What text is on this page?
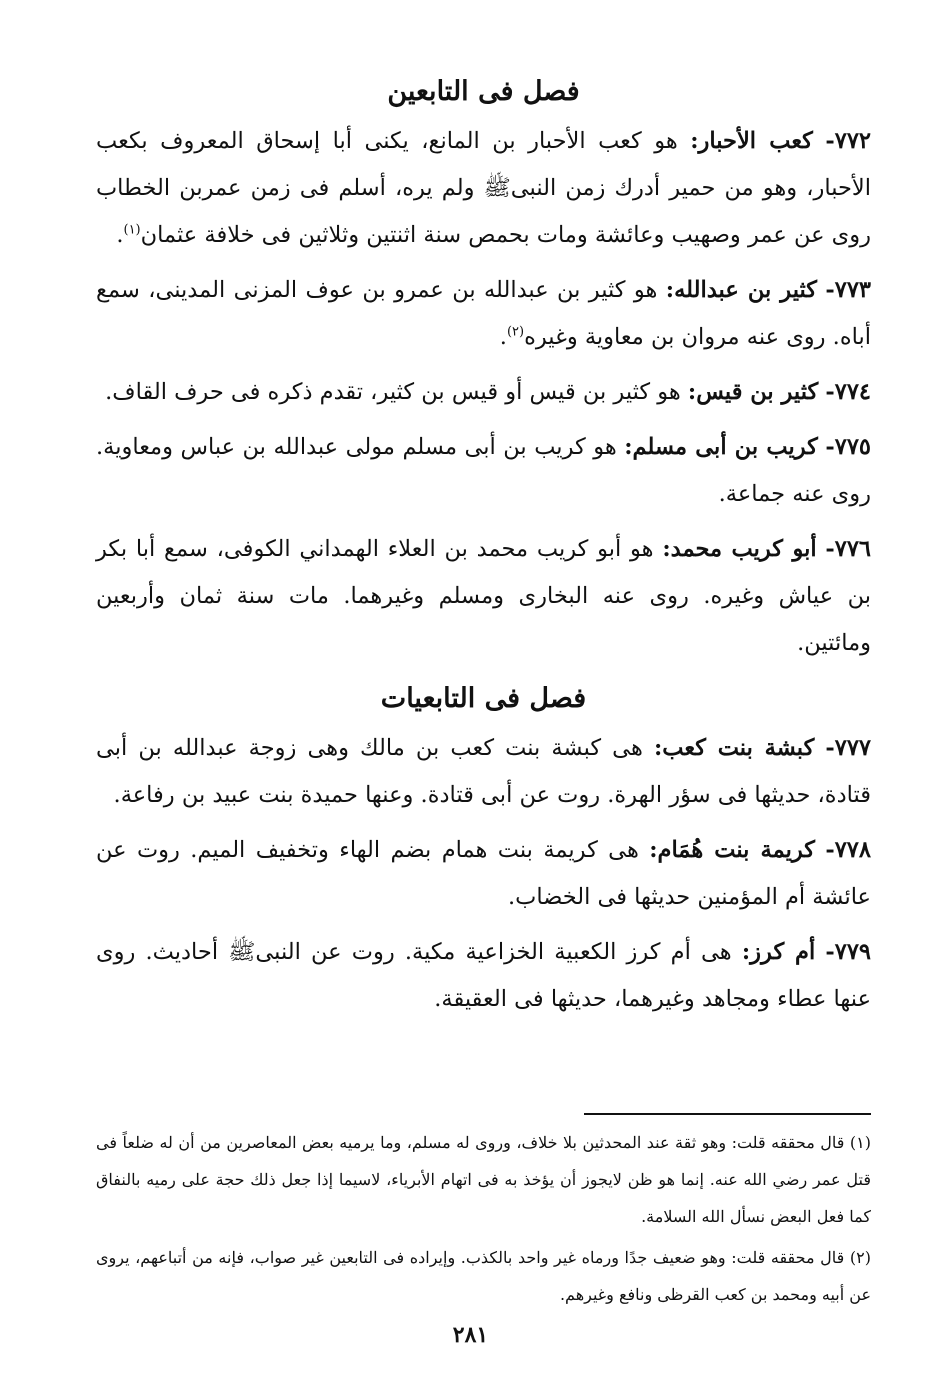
فصل فى التابعين

٧٧٢- كعب الأحبار: هو كعب الأحبار بن المانع، يكنى أبا إسحاق المعروف بكعب الأحبار، وهو من حمير أدرك زمن النبىﷺ ولم يره، أسلم فى زمن عمربن الخطاب روى عن عمر وصهيب وعائشة ومات بحمص سنة اثنتين وثلاثين فى خلافة عثمان$^{(١)}$.

٧٧٣- كثير بن عبدالله: هو كثير بن عبدالله بن عمرو بن عوف المزنى المدينى، سمع أباه. روى عنه مروان بن معاوية وغيره$^{(٢)}$.

٧٧٤- كثير بن قيس: هو كثير بن قيس أو قيس بن كثير، تقدم ذكره فى حرف القاف.

٧٧٥- كريب بن أبى مسلم: هو كريب بن أبى مسلم مولى عبدالله بن عباس ومعاوية. روى عنه جماعة.

٧٧٦- أبو كريب محمد: هو أبو كريب محمد بن العلاء الهمداني الكوفى، سمع أبا بكر بن عياش وغيره. روى عنه البخارى ومسلم وغيرهما. مات سنة ثمان وأربعين ومائتين.

فصل فى التابعيات

٧٧٧- كبشة بنت كعب: هى كبشة بنت كعب بن مالك وهى زوجة عبدالله بن أبى قتادة، حديثها فى سؤر الهرة. روت عن أبى قتادة. وعنها حميدة بنت عبيد بن رفاعة.

٧٧٨- كريمة بنت هُمَام: هى كريمة بنت همام بضم الهاء وتخفيف الميم. روت عن عائشة أم المؤمنين حديثها فى الخضاب.

٧٧٩- أم كرز: هى أم كرز الكعبية الخزاعية مكية. روت عن النبىﷺ أحاديث. روى عنها عطاء ومجاهد وغيرهما، حديثها فى العقيقة.

(١) قال محققه قلت: وهو ثقة عند المحدثين بلا خلاف، وروى له مسلم، وما يرميه بعض المعاصرين من أن له ضلعاً فى قتل عمر رضي الله عنه. إنما هو ظن لايجوز أن يؤخذ به فى اتهام الأبرياء، لاسيما إذا جعل ذلك حجة على رميه بالنفاق كما فعل البعض نسأل الله السلامة.

(٢) قال محققه قلت: وهو ضعيف جدًا ورماه غير واحد بالكذب. وإيراده فى التابعين غير صواب، فإنه من أتباعهم، يروى عن أبيه ومحمد بن كعب القرظى ونافع وغيرهم.

٢٨١
